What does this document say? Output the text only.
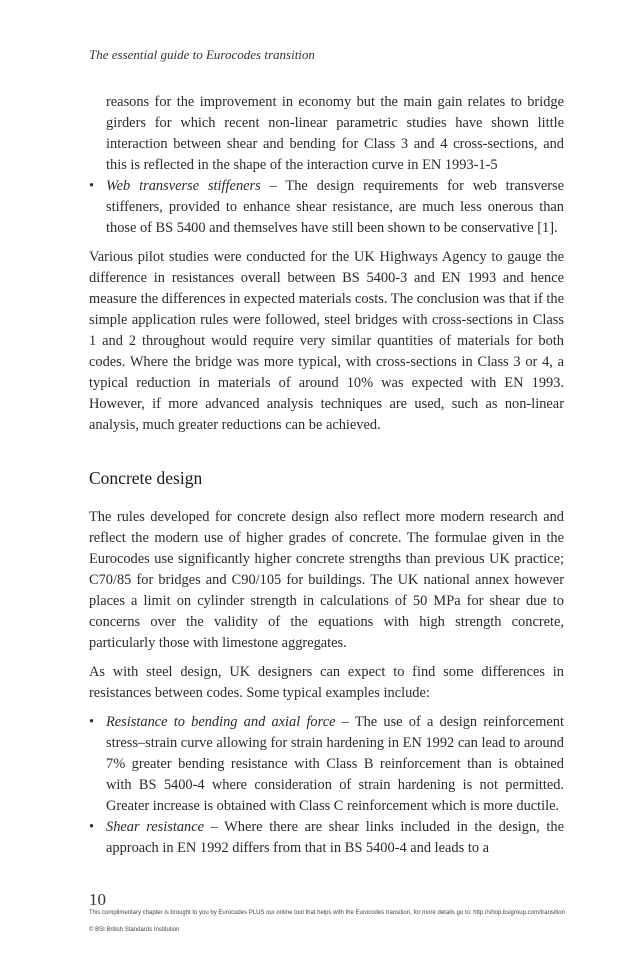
The essential guide to Eurocodes transition

reasons for the improvement in economy but the main gain relates to bridge girders for which recent non-linear parametric studies have shown little interaction between shear and bending for Class 3 and 4 cross-sections, and this is reflected in the shape of the interaction curve in EN 1993-1-5

• Web transverse stiffeners – The design requirements for web transverse stiffeners, provided to enhance shear resistance, are much less onerous than those of BS 5400 and themselves have still been shown to be conservative [1].

Various pilot studies were conducted for the UK Highways Agency to gauge the difference in resistances overall between BS 5400-3 and EN 1993 and hence measure the differences in expected materials costs. The conclusion was that if the simple application rules were followed, steel bridges with cross-sections in Class 1 and 2 throughout would require very similar quantities of materials for both codes. Where the bridge was more typical, with cross-sections in Class 3 or 4, a typical reduction in materials of around 10% was expected with EN 1993. However, if more advanced analysis techniques are used, such as non-linear analysis, much greater reductions can be achieved.

Concrete design

The rules developed for concrete design also reflect more modern research and reflect the modern use of higher grades of concrete. The formulae given in the Eurocodes use significantly higher concrete strengths than previous UK practice; C70/85 for bridges and C90/105 for buildings. The UK national annex however places a limit on cylinder strength in calculations of 50 MPa for shear due to concerns over the validity of the equations with high strength concrete, particularly those with limestone aggregates.

As with steel design, UK designers can expect to find some differences in resistances between codes. Some typical examples include:

• Resistance to bending and axial force – The use of a design reinforcement stress–strain curve allowing for strain hardening in EN 1992 can lead to around 7% greater bending resistance with Class B reinforcement than is obtained with BS 5400-4 where consideration of strain hardening is not permitted. Greater increase is obtained with Class C reinforcement which is more ductile.
• Shear resistance – Where there are shear links included in the design, the approach in EN 1992 differs from that in BS 5400-4 and leads to a
10
This complimentary chapter is brought to you by Eurocodes PLUS our online tool that helps with the Eurocodes transition, for more details go to: http://shop.bsigroup.com/transition
© BSI British Standards Institution
